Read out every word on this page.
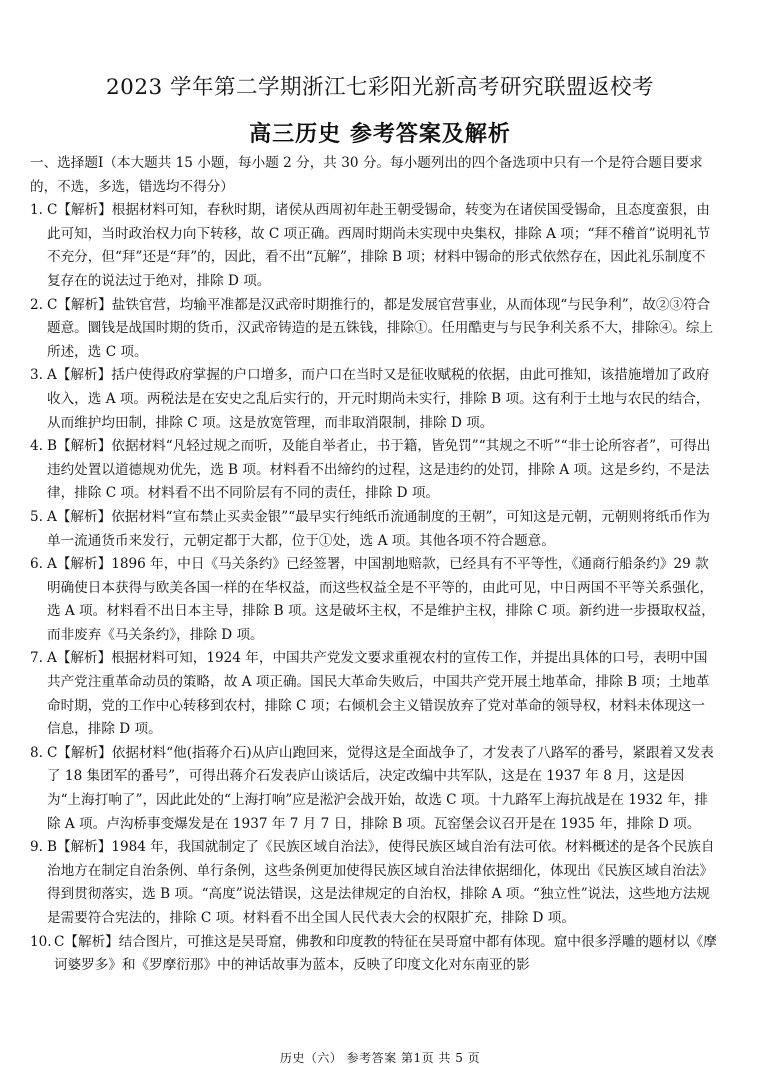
2023 学年第二学期浙江七彩阳光新高考研究联盟返校考
高三历史 参考答案及解析

一、选择题Ⅰ（本大题共 15 小题，每小题 2 分，共 30 分。每小题列出的四个备选项中只有一个是符合题目要求的，不选，多选，错选均不得分）

1. C【解析】根据材料可知，春秋时期，诸侯从西周初年赴王朝受锡命，转变为在诸侯国受锡命，且态度蛮狠，由此可知，当时政治权力向下转移，故 C 项正确。西周时期尚未实现中央集权，排除 A 项；“拜不稽首”说明礼节不充分，但“拜”还是“拜”的，因此，看不出“瓦解”，排除 B 项；材料中锡命的形式依然存在，因此礼乐制度不复存在的说法过于绝对，排除 D 项。
2. C【解析】盐铁官营，均输平准都是汉武帝时期推行的，都是发展官营事业，从而体现“与民争利”，故②③符合题意。圜钱是战国时期的货币，汉武帝铸造的是五铢钱，排除①。任用酷吏与与民争利关系不大，排除④。综上所述，选 C 项。
3. A【解析】括户使得政府掌握的户口增多，而户口在当时又是征收赋税的依据，由此可推知，该措施增加了政府收入，选 A 项。两税法是在安史之乱后实行的，开元时期尚未实行，排除 B 项。这有利于土地与农民的结合，从而维护均田制，排除 C 项。这是放宽管理，而非取消限制，排除 D 项。
4. B【解析】依据材料“凡轻过规之而听，及能自举者止，书于籍，皆免罚”“其规之不听”“非士论所容者”，可得出违约处置以道德规劝优先，选 B 项。材料看不出缔约的过程，这是违约的处罚，排除 A 项。这是乡约，不是法律，排除 C 项。材料看不出不同阶层有不同的责任，排除 D 项。
5. A【解析】依据材料“宣布禁止买卖金银”“最早实行纯纸币流通制度的王朝”，可知这是元朝，元朝则将纸币作为单一流通货币来发行，元朝定都于大都，位于①处，选 A 项。其他各项不符合题意。
6. A【解析】1896 年，中日《马关条约》已经签署，中国割地赔款，已经具有不平等性，《通商行船条约》29 款明确使日本获得与欧美各国一样的在华权益，而这些权益全是不平等的，由此可见，中日两国不平等关系强化，选 A 项。材料看不出日本主导，排除 B 项。这是破坏主权，不是维护主权，排除 C 项。新约进一步摄取权益，而非废弃《马关条约》，排除 D 项。
7. A【解析】根据材料可知，1924 年，中国共产党发文要求重视农村的宣传工作，并提出具体的口号，表明中国共产党注重革命动员的策略，故 A 项正确。国民大革命失败后，中国共产党开展土地革命，排除 B 项；土地革命时期，党的工作中心转移到农村，排除 C 项；右倾机会主义错误放弃了党对革命的领导权，材料未体现这一信息，排除 D 项。
8. C【解析】依据材料“他(指蒋介石)从庐山跑回来，觉得这是全面战争了，才发表了八路军的番号，紧跟着又发表了 18 集团军的番号”，可得出蒋介石发表庐山谈话后，决定改编中共军队，这是在 1937 年 8 月，这是因为“上海打响了”，因此此处的“上海打响”应是淞沪会战开始，故选 C 项。十九路军上海抗战是在 1932 年，排除 A 项。卢沟桥事变爆发是在 1937 年 7 月 7 日，排除 B 项。瓦窑堡会议召开是在 1935 年，排除 D 项。
9. B【解析】1984 年，我国就制定了《民族区域自治法》，使得民族区域自治有法可依。材料概述的是各个民族自治地方在制定自治条例、单行条例，这些条例更加使得民族区域自治法律依据细化，体现出《民族区域自治法》得到贯彻落实，选 B 项。“高度”说法错误，这是法律规定的自治权，排除 A 项。“独立性”说法，这些地方法规是需要符合宪法的，排除 C 项。材料看不出全国人民代表大会的权限扩充，排除 D 项。
10. C【解析】结合图片，可推这是吴哥窟，佛教和印度教的特征在吴哥窟中都有体现。窟中很多浮雕的题材以《摩诃婆罗多》和《罗摩衍那》中的神话故事为蓝本，反映了印度文化对东南亚的影
历史（六） 参考答案 第1页 共 5 页
